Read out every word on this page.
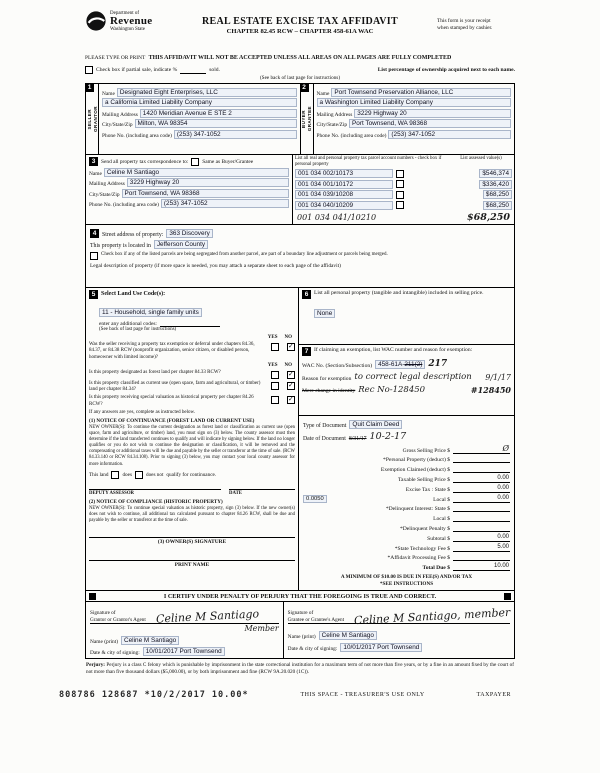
Department of
Revenue
Washington State
REAL ESTATE EXCISE TAX AFFIDAVIT
CHAPTER 82.45 RCW – CHAPTER 458-61A WAC
This form is your receipt
when stamped by cashier.
PLEASE TYPE OR PRINT THIS AFFIDAVIT WILL NOT BE ACCEPTED UNLESS ALL AREAS ON ALL PAGES ARE FULLY COMPLETED
Check box if partial sale, indicate %	sold.	List percentage of ownership acquired next to each name.
(See back of last page for instructions)
1
SELLER GRANTOR
Name Designated Eight Enterprises, LLC
a California Limited Liability Company
Mailing Address 1420 Meridian Avenue E STE 2
City/State/Zip Milton, WA 98354
Phone No. (including area code) (253) 347-1052
2
BUYER GRANTEE
Name Port Townsend Preservation Alliance, LLC
a Washington Limited Liability Company
Mailing Address 3229 Highway 20
City/State/Zip Port Townsend, WA 98368
Phone No. (including area code) (253) 347-1052
3	Send all property tax correspondence to:	Same as Buyer/Grantee
Name Celine M Santiago
Mailing Address 3229 Highway 20
City/State/Zip Port Townsend, WA 98368
Phone No. (including area code) (253) 347-1052
List all real and personal property tax parcel account numbers - check box if personal property
List assessed value(s)
001 034 002/10173	$546,374
001 034 001/10172	$336,420
001 034 039/10208	$68,250
001 034 040/10209	$68,250
001 034 041/10210	$68,250
4 Street address of property: 363 Discovery
This property is located in Jefferson County
Check box if any of the listed parcels are being segregated from another parcel, are part of a boundary line adjustment or parcels being merged.
Legal description of property (if more space is needed, you may attach a separate sheet to each page of the affidavit)
5 Select Land Use Code(s):
11 - Household, single family units
enter any additional codes:
(See back of last page for instructions)
YES NO
Was the seller receiving a property tax exemption or deferral under chapters 84.36, 84.37, or 84.38 RCW (nonprofit organization, senior citizen, or disabled person, homeowner with limited income)?
✓
YES NO
Is this property designated as forest land per chapter 84.33 RCW?
✓
Is this property classified as current use (open space, farm and agricultural, or timber) land per chapter 84.34?
✓
Is this property receiving special valuation as historical property per chapter 84.26 RCW?
✓
If any answers are yes, complete as instructed below.
(1) NOTICE OF CONTINUANCE (FOREST LAND OR CURRENT USE)
NEW OWNER(S): To continue the current designation as forest land or classification as current use (open space, farm and agriculture, or timber) land, you must sign on (3) below. The county assessor must then determine if the land transferred continues to qualify and will indicate by signing below. If the land no longer qualifies or you do not wish to continue the designation or classification, it will be removed and the compensating or additional taxes will be due and payable by the seller or transferor at the time of sale. (RCW 84.33.140 or RCW 84.34.108). Prior to signing (3) below, you may contact your local county assessor for more information.
This land	does	does not qualify for continuance.
DEPUTY ASSESSOR	DATE
(2) NOTICE OF COMPLIANCE (HISTORIC PROPERTY)
NEW OWNER(S): To continue special valuation as historic property, sign (3) below. If the new owner(s) does not wish to continue, all additional tax calculated pursuant to chapter 84.26 RCW, shall be due and payable by the seller or transferor at the time of sale.
(3) OWNER(S) SIGNATURE
PRINT NAME
6	List all personal property (tangible and intangible) included in selling price.
None
7	If claiming an exemption, list WAC number and reason for exemption:
WAC No. (Section/Subsection) 458-61A-211(2) 217
Reason for exemption to correct legal description 9/1/17
Mere change in identity Rec No-128450	#128450
Type of Document Quit Claim Deed
Date of Document 8/31/17 10-2-17
Gross Selling Price $	Ø
*Personal Property (deduct) $
Exemption Claimed (deduct) $
Taxable Selling Price $	0.00
Excise Tax : State $	0.00
0.0050	Local $	0.00
*Delinquent Interest: State $
Local $
*Delinquent Penalty $
Subtotal $	0.00
*State Technology Fee $	5.00
*Affidavit Processing Fee $
Total Due $	10.00
A MINIMUM OF $10.00 IS DUE IN FEE(S) AND/OR TAX
*SEE INSTRUCTIONS
I CERTIFY UNDER PENALTY OF PERJURY THAT THE FOREGOING IS TRUE AND CORRECT.
Signature of
Grantor or Grantor's Agent Celine M Santiago
Member
Name (print) Celine M Santiago
Date & city of signing: 10/01/2017 Port Townsend
Signature of
Grantee or Grantee's Agent Celine M Santiago, member
Name (print) Celine M Santiago
Date & city of signing: 10/01/2017 Port Townsend
Perjury: Perjury is a class C felony which is punishable by imprisonment in the state correctional institution for a maximum term of not more than five years, or by a fine in an amount fixed by the court of not more than five thousand dollars ($5,000.00), or by both imprisonment and fine (RCW 9A.20.020 (1C)).
808786 128687 *10/2/2017 10.00*	THIS SPACE - TREASURER'S USE ONLY	TAXPAYER
